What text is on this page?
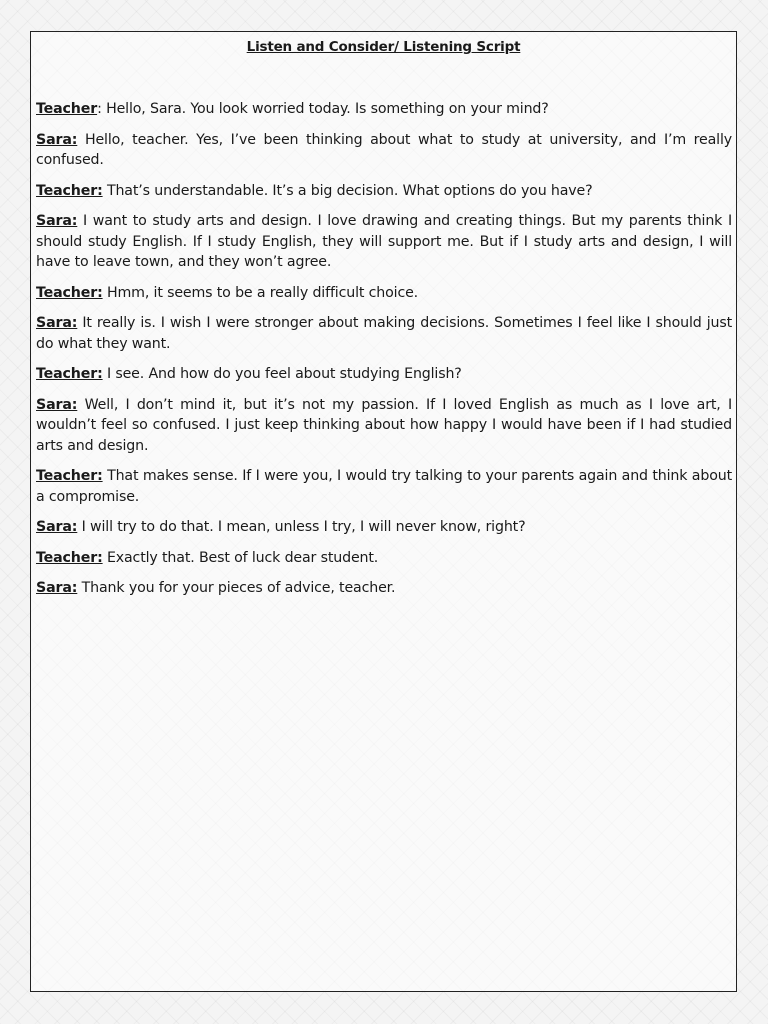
Listen and Consider/ Listening Script

Teacher: Hello, Sara. You look worried today. Is something on your mind?

Sara: Hello, teacher. Yes, I’ve been thinking about what to study at university, and I’m really confused.

Teacher: That’s understandable. It’s a big decision. What options do you have?

Sara: I want to study arts and design. I love drawing and creating things. But my parents think I should study English. If I study English, they will support me. But if I study arts and design, I will have to leave town, and they won’t agree.

Teacher: Hmm, it seems to be a really difficult choice.

Sara: It really is. I wish I were stronger about making decisions. Sometimes I feel like I should just do what they want.

Teacher: I see. And how do you feel about studying English?

Sara: Well, I don’t mind it, but it’s not my passion. If I loved English as much as I love art, I wouldn’t feel so confused. I just keep thinking about how happy I would have been if I had studied arts and design.

Teacher: That makes sense. If I were you, I would try talking to your parents again and think about a compromise.

Sara: I will try to do that. I mean, unless I try, I will never know, right?

Teacher: Exactly that. Best of luck dear student.

Sara: Thank you for your pieces of advice, teacher.
